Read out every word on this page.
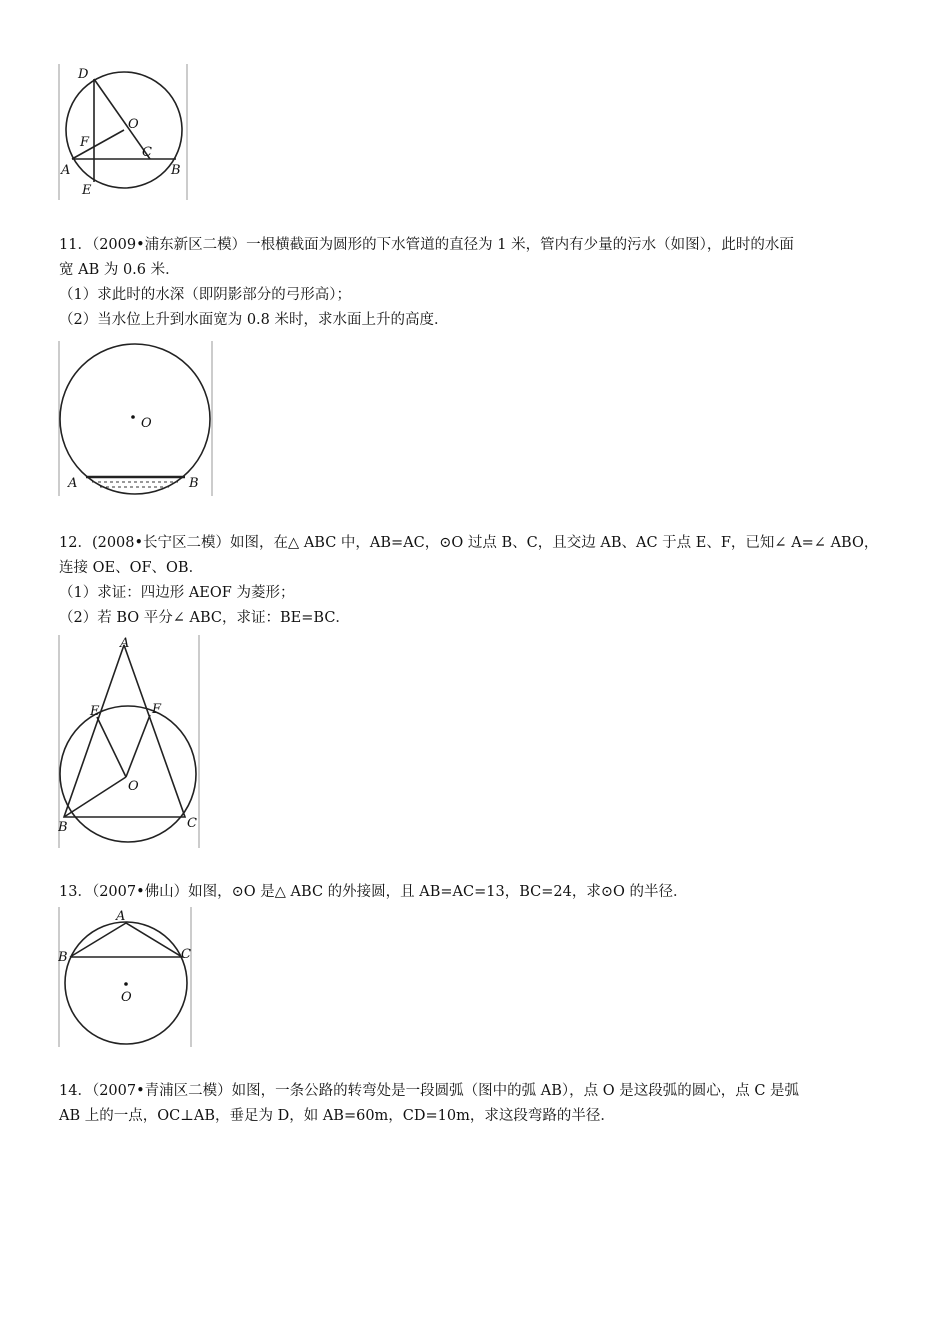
D
O
F
C
A	B
E

11．（2009•浦东新区二模）一根横截面为圆形的下水管道的直径为 1 米，管内有少量的污水（如图），此时的水面

宽 AB 为 0.6 米．

（1）求此时的水深（即阴影部分的弓形高）；

（2）当水位上升到水面宽为 0.8 米时，求水面上升的高度．

O
A	B

12．(2008•长宁区二模）如图，在△ ABC 中，AB=AC，⊙O 过点 B、C，且交边 AB、AC 于点 E、F，已知∠ A=∠ ABO，

连接 OE、OF、OB．

（1）求证：四边形 AEOF 为菱形；

（2）若 BO 平分∠ ABC，求证：BE=BC．

A
E	F
O
B	C

13．（2007•佛山）如图，⊙O 是△ ABC 的外接圆，且 AB=AC=13，BC=24，求⊙O 的半径．

A
B	C
O

14．（2007•青浦区二模）如图，一条公路的转弯处是一段圆弧（图中的弧 AB），点 O 是这段弧的圆心，点 C 是弧

AB 上的一点，OC⊥AB，垂足为 D，如 AB=60m，CD=10m，求这段弯路的半径．
